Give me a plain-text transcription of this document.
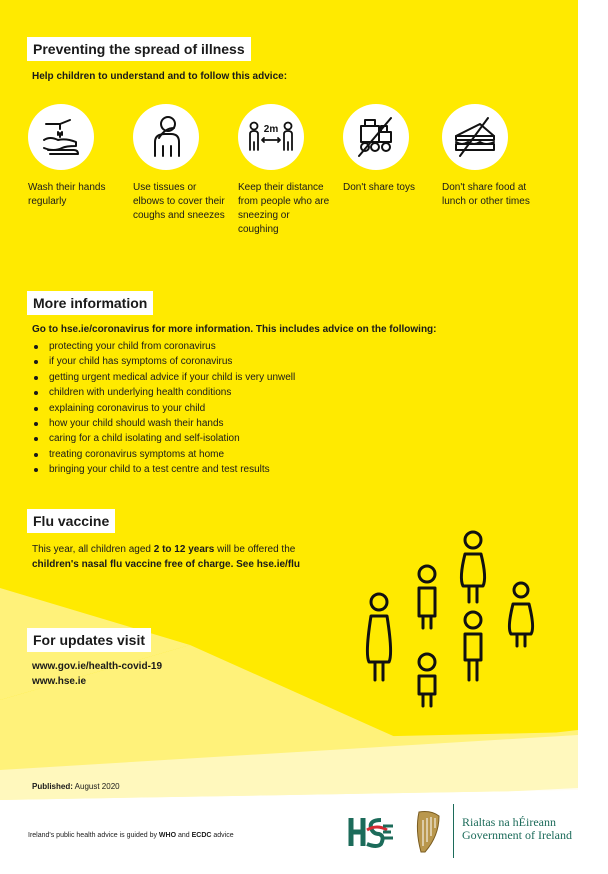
Preventing the spread of illness
Help children to understand and to follow this advice:
Wash their hands regularly
Use tissues or elbows to cover their coughs and sneezes
2m
Keep their distance from people who are sneezing or coughing
Don't share toys	Don't share food at lunch or other times
More information
Go to hse.ie/coronavirus for more information. This includes advice on the following:
protecting your child from coronavirus
if your child has symptoms of coronavirus
getting urgent medical advice if your child is very unwell
children with underlying health conditions
explaining coronavirus to your child
how your child should wash their hands
caring for a child isolating and self-isolation
treating coronavirus symptoms at home
bringing your child to a test centre and test results
Flu vaccine
This year, all children aged 2 to 12 years will be offered the children's nasal flu vaccine free of charge. See hse.ie/flu
For updates visit
www.gov.ie/health-covid-19
www.hse.ie
Published: August 2020
Ireland's public health advice is guided by WHO and ECDC advice
Rialtas na hÉireann
Government of Ireland
